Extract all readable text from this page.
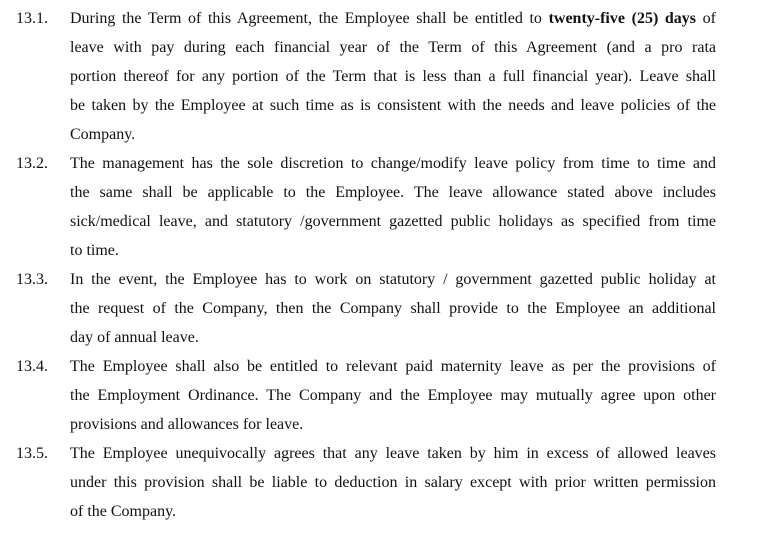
13.1. During the Term of this Agreement, the Employee shall be entitled to twenty-five (25) days of
leave with pay during each financial year of the Term of this Agreement (and a pro rata
portion thereof for any portion of the Term that is less than a full financial year). Leave shall
be taken by the Employee at such time as is consistent with the needs and leave policies of the
Company.
13.2. The management has the sole discretion to change/modify leave policy from time to time and
the same shall be applicable to the Employee. The leave allowance stated above includes
sick/medical leave, and statutory /government gazetted public holidays as specified from time
to time.
13.3. In the event, the Employee has to work on statutory / government gazetted public holiday at
the request of the Company, then the Company shall provide to the Employee an additional
day of annual leave.
13.4. The Employee shall also be entitled to relevant paid maternity leave as per the provisions of
the Employment Ordinance. The Company and the Employee may mutually agree upon other
provisions and allowances for leave.
13.5. The Employee unequivocally agrees that any leave taken by him in excess of allowed leaves
under this provision shall be liable to deduction in salary except with prior written permission
of the Company.
